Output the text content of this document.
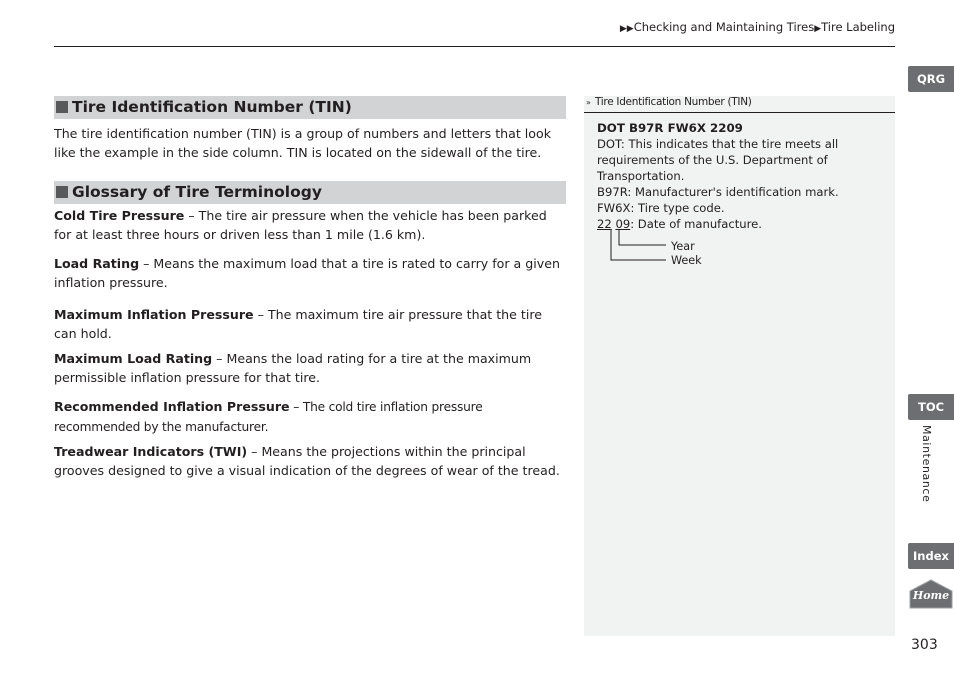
▶▶Checking and Maintaining Tires▶Tire Labeling
Tire Identification Number (TIN)

The tire identification number (TIN) is a group of numbers and letters that look like the example in the side column. TIN is located on the sidewall of the tire.

Glossary of Tire Terminology

Cold Tire Pressure – The tire air pressure when the vehicle has been parked for at least three hours or driven less than 1 mile (1.6 km).

Load Rating – Means the maximum load that a tire is rated to carry for a given inflation pressure.

Maximum Inflation Pressure – The maximum tire air pressure that the tire can hold.

Maximum Load Rating – Means the load rating for a tire at the maximum permissible inflation pressure for that tire.

Recommended Inflation Pressure – The cold tire inflation pressure recommended by the manufacturer.

Treadwear Indicators (TWI) – Means the projections within the principal grooves designed to give a visual indication of the degrees of wear of the tread.

» Tire Identification Number (TIN)
DOT B97R FW6X 2209
DOT: This indicates that the tire meets all
requirements of the U.S. Department of
Transportation.
B97R: Manufacturer's identification mark.
FW6X: Tire type code.
22 09: Date of manufacture.
Year
Week
QRG
TOC
Maintenance
Index
Home
303
